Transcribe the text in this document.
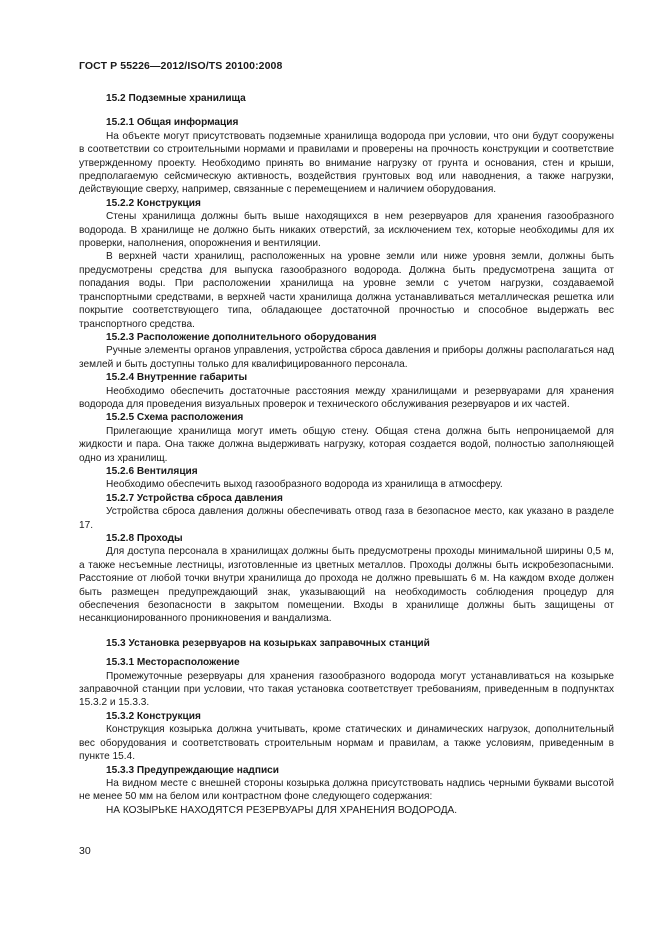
ГОСТ Р 55226—2012/ISO/TS 20100:2008
15.2 Подземные хранилища
15.2.1 Общая информация

На объекте могут присутствовать подземные хранилища водорода при условии, что они будут сооружены в соответствии со строительными нормами и правилами и проверены на прочность конструкции и соответствие утвержденному проекту. Необходимо принять во внимание нагрузку от грунта и основания, стен и крыши, предполагаемую сейсмическую активность, воздействия грунтовых вод или наводнения, а также нагрузки, действующие сверху, например, связанные с перемещением и наличием оборудования.

15.2.2 Конструкция

Стены хранилища должны быть выше находящихся в нем резервуаров для хранения газообразного водорода. В хранилище не должно быть никаких отверстий, за исключением тех, которые необходимы для их проверки, наполнения, опорожнения и вентиляции.

В верхней части хранилищ, расположенных на уровне земли или ниже уровня земли, должны быть предусмотрены средства для выпуска газообразного водорода. Должна быть предусмотрена защита от попадания воды. При расположении хранилища на уровне земли с учетом нагрузки, создаваемой транспортными средствами, в верхней части хранилища должна устанавливаться металлическая решетка или покрытие соответствующего типа, обладающее достаточной прочностью и способное выдержать вес транспортного средства.

15.2.3 Расположение дополнительного оборудования

Ручные элементы органов управления, устройства сброса давления и приборы должны располагаться над землей и быть доступны только для квалифицированного персонала.

15.2.4 Внутренние габариты

Необходимо обеспечить достаточные расстояния между хранилищами и резервуарами для хранения водорода для проведения визуальных проверок и технического обслуживания резервуаров и их частей.

15.2.5 Схема расположения

Прилегающие хранилища могут иметь общую стену. Общая стена должна быть непроницаемой для жидкости и пара. Она также должна выдерживать нагрузку, которая создается водой, полностью заполняющей одно из хранилищ.

15.2.6 Вентиляция

Необходимо обеспечить выход газообразного водорода из хранилища в атмосферу.

15.2.7 Устройства сброса давления

Устройства сброса давления должны обеспечивать отвод газа в безопасное место, как указано в разделе 17.

15.2.8 Проходы

Для доступа персонала в хранилищах должны быть предусмотрены проходы минимальной ширины 0,5 м, а также несъемные лестницы, изготовленные из цветных металлов. Проходы должны быть искробезопасными. Расстояние от любой точки внутри хранилища до прохода не должно превышать 6 м. На каждом входе должен быть размещен предупреждающий знак, указывающий на необходимость соблюдения процедур для обеспечения безопасности в закрытом помещении. Входы в хранилище должны быть защищены от несанкционированного проникновения и вандализма.

15.3 Установка резервуаров на козырьках заправочных станций
15.3.1 Месторасположение

Промежуточные резервуары для хранения газообразного водорода могут устанавливаться на козырьке заправочной станции при условии, что такая установка соответствует требованиям, приведенным в подпунктах 15.3.2 и 15.3.3.

15.3.2 Конструкция

Конструкция козырька должна учитывать, кроме статических и динамических нагрузок, дополнительный вес оборудования и соответствовать строительным нормам и правилам, а также условиям, приведенным в пункте 15.4.

15.3.3 Предупреждающие надписи

На видном месте с внешней стороны козырька должна присутствовать надпись черными буквами высотой не менее 50 мм на белом или контрастном фоне следующего содержания:

НА КОЗЫРЬКЕ НАХОДЯТСЯ РЕЗЕРВУАРЫ ДЛЯ ХРАНЕНИЯ ВОДОРОДА.

30
